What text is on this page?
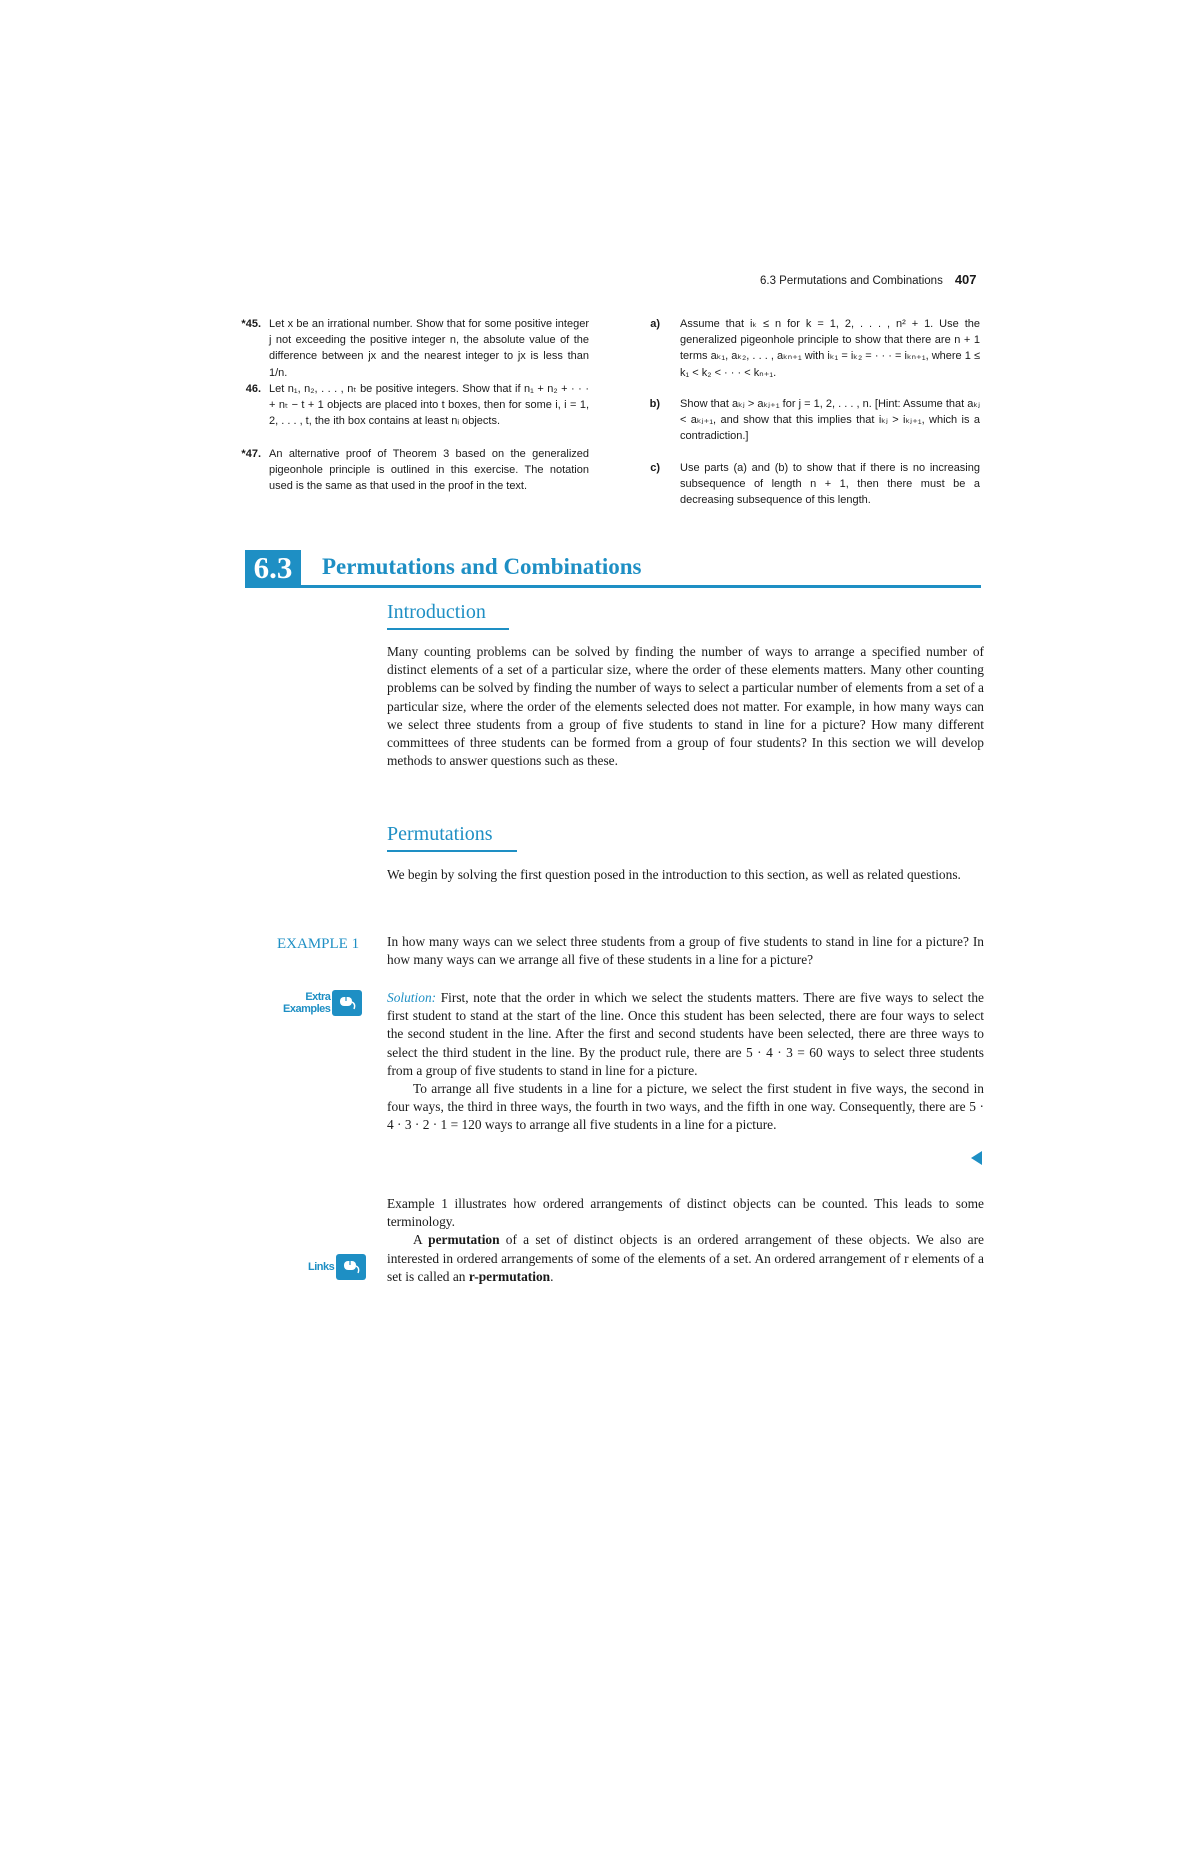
6.3 Permutations and Combinations 407
*45. Let x be an irrational number. Show that for some positive integer j not exceeding the positive integer n, the absolute value of the difference between jx and the nearest integer to jx is less than 1/n.
46. Let n₁, n₂, . . . , nₜ be positive integers. Show that if n₁ + n₂ + · · · + nₜ − t + 1 objects are placed into t boxes, then for some i, i = 1, 2, . . . , t, the ith box contains at least nᵢ objects.
*47. An alternative proof of Theorem 3 based on the generalized pigeonhole principle is outlined in this exercise. The notation used is the same as that used in the proof in the text.
a) Assume that iₖ ≤ n for k = 1, 2, . . . , n² + 1. Use the generalized pigeonhole principle to show that there are n + 1 terms aₖ₁, aₖ₂, . . . , aₖₙ₊₁ with iₖ₁ = iₖ₂ = · · · = iₖₙ₊₁, where 1 ≤ k₁ < k₂ < · · · < kₙ₊₁.
b) Show that aₖⱼ > aₖⱼ₊₁ for j = 1, 2, . . . , n. [Hint: Assume that aₖⱼ < aₖⱼ₊₁, and show that this implies that iₖⱼ > iₖⱼ₊₁, which is a contradiction.]
c) Use parts (a) and (b) to show that if there is no increasing subsequence of length n + 1, then there must be a decreasing subsequence of this length.
6.3	Permutations and Combinations
Introduction

Many counting problems can be solved by finding the number of ways to arrange a specified number of distinct elements of a set of a particular size, where the order of these elements matters. Many other counting problems can be solved by finding the number of ways to select a particular number of elements from a set of a particular size, where the order of the elements selected does not matter. For example, in how many ways can we select three students from a group of five students to stand in line for a picture? How many different committees of three students can be formed from a group of four students? In this section we will develop methods to answer questions such as these.

Permutations

We begin by solving the first question posed in the introduction to this section, as well as related questions.

EXAMPLE 1 In how many ways can we select three students from a group of five students to stand in line for a picture? In how many ways can we arrange all five of these students in a line for a picture?

Extra
Examples

Solution: First, note that the order in which we select the students matters. There are five ways to select the first student to stand at the start of the line. Once this student has been selected, there are four ways to select the second student in the line. After the first and second students have been selected, there are three ways to select the third student in the line. By the product rule, there are 5 · 4 · 3 = 60 ways to select three students from a group of five students to stand in line for a picture.

To arrange all five students in a line for a picture, we select the first student in five ways, the second in four ways, the third in three ways, the fourth in two ways, and the fifth in one way. Consequently, there are 5 · 4 · 3 · 2 · 1 = 120 ways to arrange all five students in a line for a picture.

Example 1 illustrates how ordered arrangements of distinct objects can be counted. This leads to some terminology.

A permutation of a set of distinct objects is an ordered arrangement of these objects. We also are interested in ordered arrangements of some of the elements of a set. An ordered arrangement of r elements of a set is called an r-permutation.

Links
